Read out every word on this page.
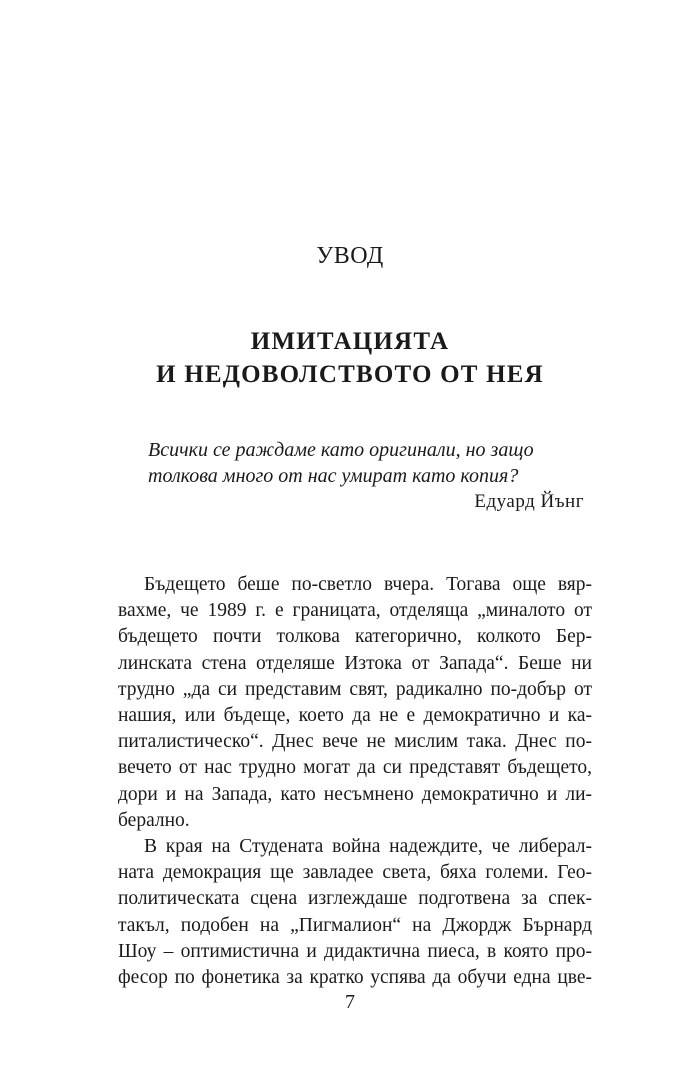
УВОД
ИМИТАЦИЯТА
И НЕДОВОЛСТВОТО ОТ НЕЯ
Всички се раждаме като оригинали, но защо
толкова много от нас умират като копия?
Едуард Йънг
Бъдещето беше по-светло вчера. Тогава още вяр-
вахме, че 1989 г. е границата, отделяща „миналото от
бъдещето почти толкова категорично, колкото Бер-
линската стена отделяше Изтока от Запада“. Беше ни
трудно „да си представим свят, радикално по-добър от
нашия, или бъдеще, което да не е демократично и ка-
питалистическо“. Днес вече не мислим така. Днес по-
вечето от нас трудно могат да си представят бъдещето,
дори и на Запада, като несъмнено демократично и ли-
берално.
В края на Студената война надеждите, че либерал-
ната демокрация ще завладее света, бяха големи. Гео-
политическата сцена изглеждаше подготвена за спек-
такъл, подобен на „Пигмалион“ на Джордж Бърнард
Шоу – оптимистична и дидактична пиеса, в която про-
фесор по фонетика за кратко успява да обучи една цве-
7
